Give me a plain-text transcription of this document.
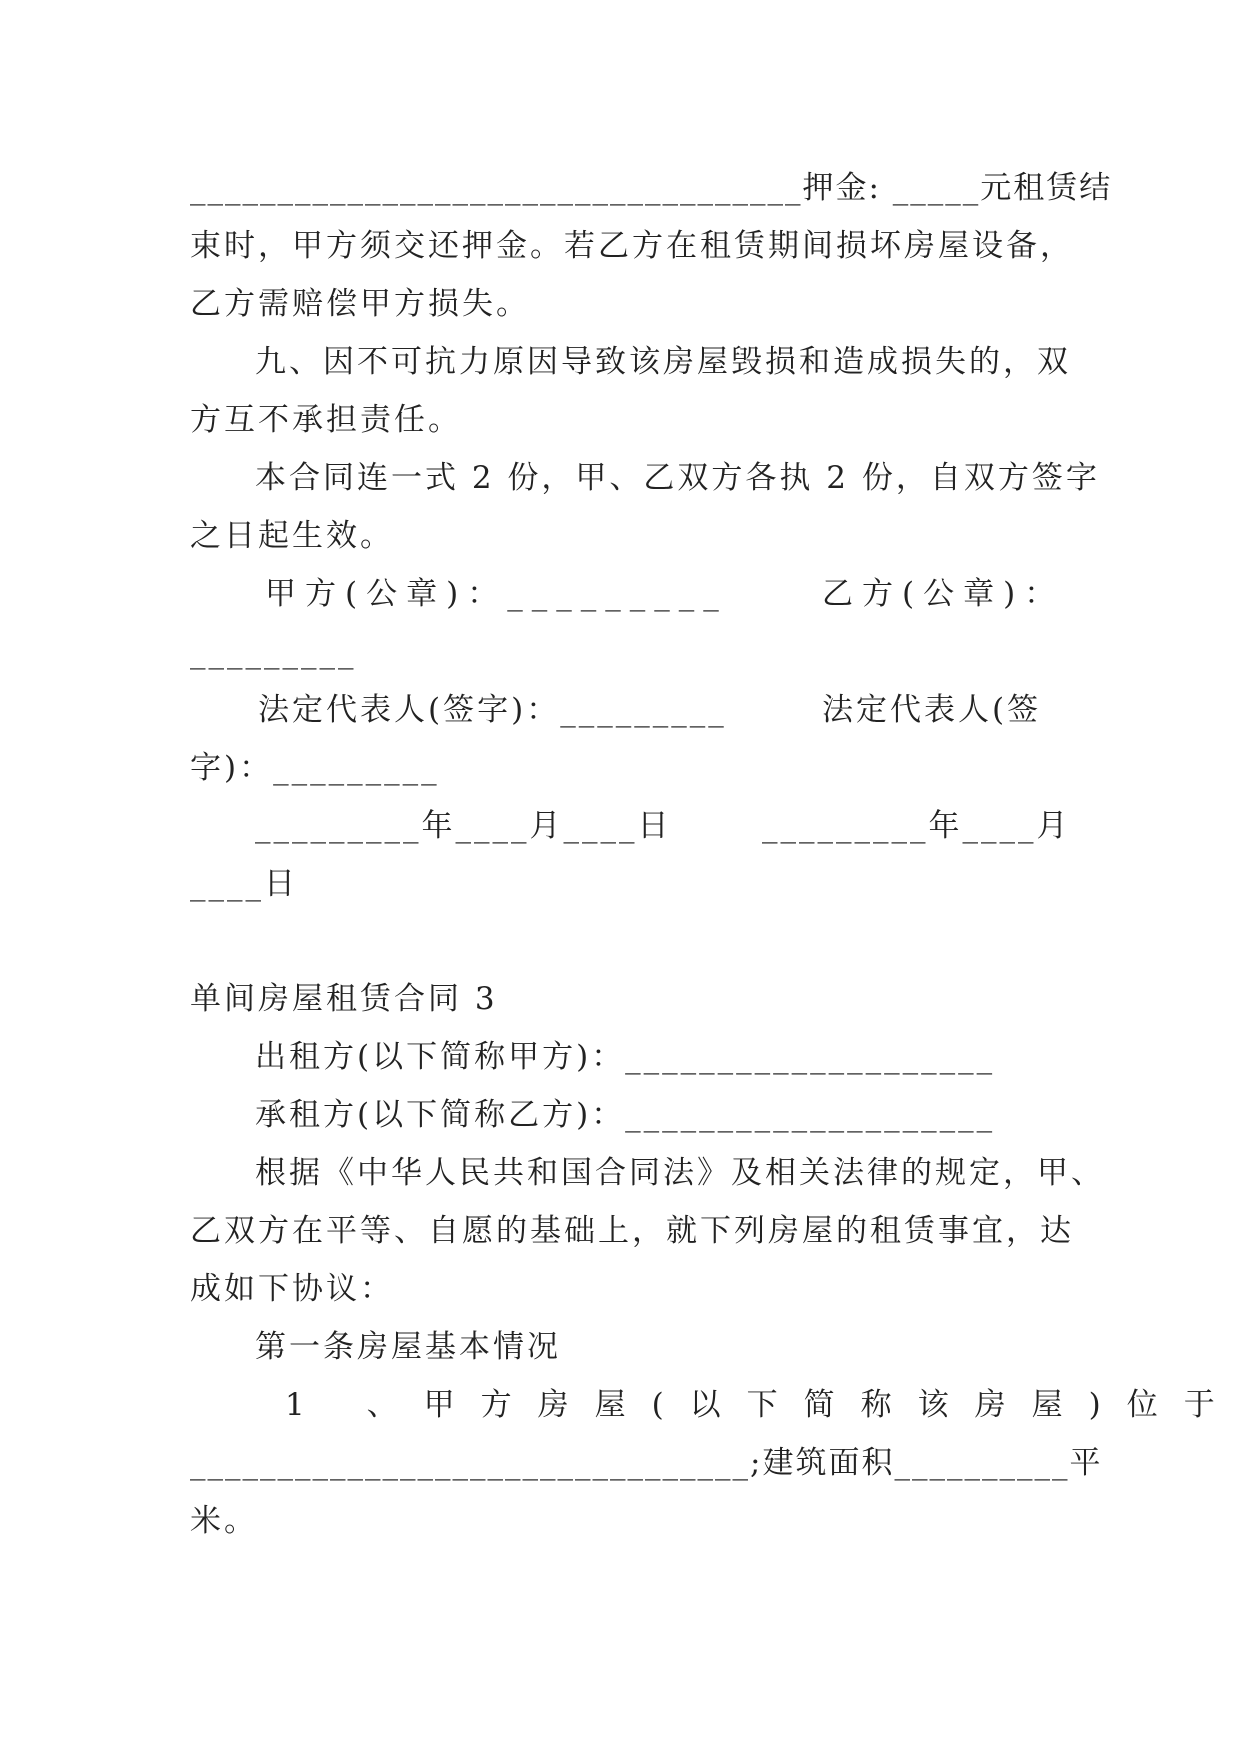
___________________________________押金: _____元租赁结
束时，甲方须交还押金。若乙方在租赁期间损坏房屋设备，
乙方需赔偿甲方损失。
九、因不可抗力原因导致该房屋毁损和造成损失的，双
方互不承担责任。
本合同连一式 2 份，甲、乙双方各执 2 份，自双方签字
之日起生效。
甲方(公章)：_________	乙方(公章)：
_________
法定代表人(签字)：_________	法定代表人(签
字)：_________
_________年____月____日	_________年____月
____日
单间房屋租赁合同 3
出租方(以下简称甲方)：____________________
承租方(以下简称乙方)：____________________
根据《中华人民共和国合同法》及相关法律的规定，甲、
乙双方在平等、自愿的基础上，就下列房屋的租赁事宜，达
成如下协议：
第一条房屋基本情况
1 、甲方房屋(以下简称该房屋)位于
________________________________;建筑面积__________平
米。
